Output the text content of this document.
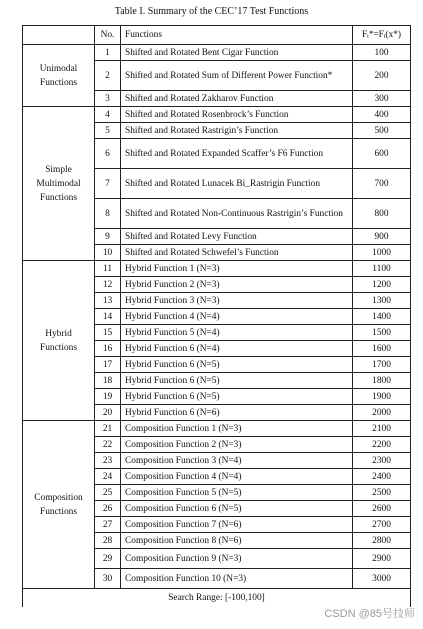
Table I. Summary of the CEC’17 Test Functions
	No.	Functions	Fᵢ*=Fᵢ(x*)
Unimodal
Functions	1	Shifted and Rotated Bent Cigar Function	100
	2	Shifted and Rotated Sum of Different Power Function*	200
	3	Shifted and Rotated Zakharov Function	300
Simple
Multimodal
Functions	4	Shifted and Rotated Rosenbrock’s Function	400
	5	Shifted and Rotated Rastrigin’s Function	500
	6	Shifted and Rotated Expanded Scaffer’s F6 Function	600
	7	Shifted and Rotated Lunacek Bi_Rastrigin Function	700
	8	Shifted and Rotated Non-Continuous Rastrigin’s Function	800
	9	Shifted and Rotated Levy Function	900
	10	Shifted and Rotated Schwefel’s Function	1000
Hybrid
Functions	11	Hybrid Function 1 (N=3)	1100
	12	Hybrid Function 2 (N=3)	1200
	13	Hybrid Function 3 (N=3)	1300
	14	Hybrid Function 4 (N=4)	1400
	15	Hybrid Function 5 (N=4)	1500
	16	Hybrid Function 6 (N=4)	1600
	17	Hybrid Function 6 (N=5)	1700
	18	Hybrid Function 6 (N=5)	1800
	19	Hybrid Function 6 (N=5)	1900
	20	Hybrid Function 6 (N=6)	2000
Composition
Functions	21	Composition Function 1 (N=3)	2100
	22	Composition Function 2 (N=3)	2200
	23	Composition Function 3 (N=4)	2300
	24	Composition Function 4 (N=4)	2400
	25	Composition Function 5 (N=5)	2500
	26	Composition Function 6 (N=5)	2600
	27	Composition Function 7 (N=6)	2700
	28	Composition Function 8 (N=6)	2800
	29	Composition Function 9 (N=3)	2900
	30	Composition Function 10 (N=3)	3000
Search Range: [-100,100]			
CSDN @85号技师
